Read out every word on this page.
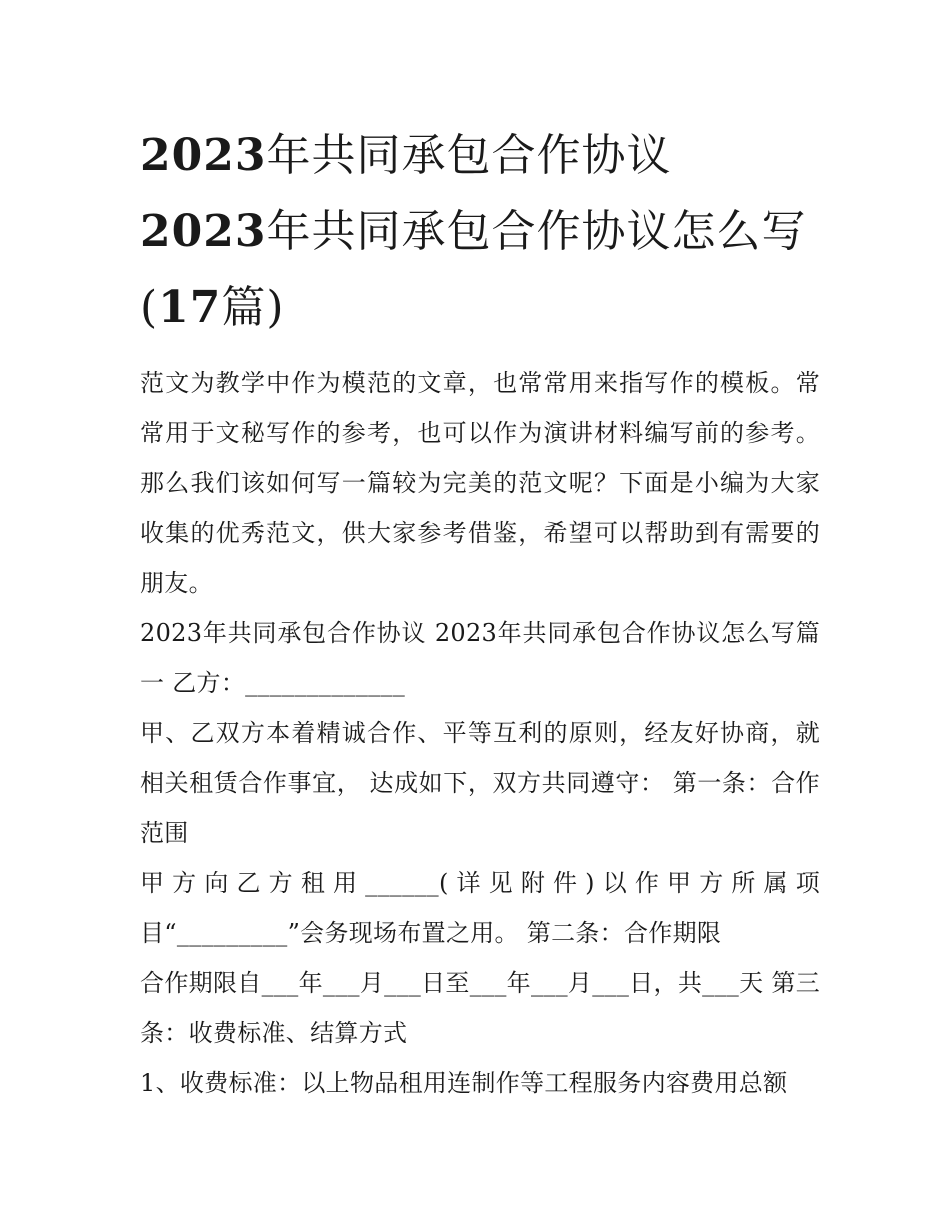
2023年共同承包合作协议
2023年共同承包合作协议怎么写(17篇)

范文为教学中作为模范的文章，也常常用来指写作的模板。常常用于文秘写作的参考，也可以作为演讲材料编写前的参考。那么我们该如何写一篇较为完美的范文呢？下面是小编为大家收集的优秀范文，供大家参考借鉴，希望可以帮助到有需要的朋友。

2023年共同承包合作协议 2023年共同承包合作协议怎么写篇一 乙方：_____________

甲、乙双方本着精诚合作、平等互利的原则，经友好协商，就相关租赁合作事宜， 达成如下，双方共同遵守： 第一条：合作范围

甲方向乙方租用______(详见附件)以作甲方所属项目“_________”会务现场布置之用。 第二条：合作期限

合作期限自___年___月___日至___年___月___日，共___天 第三条：收费标准、结算方式

1、收费标准：以上物品租用连制作等工程服务内容费用总额
